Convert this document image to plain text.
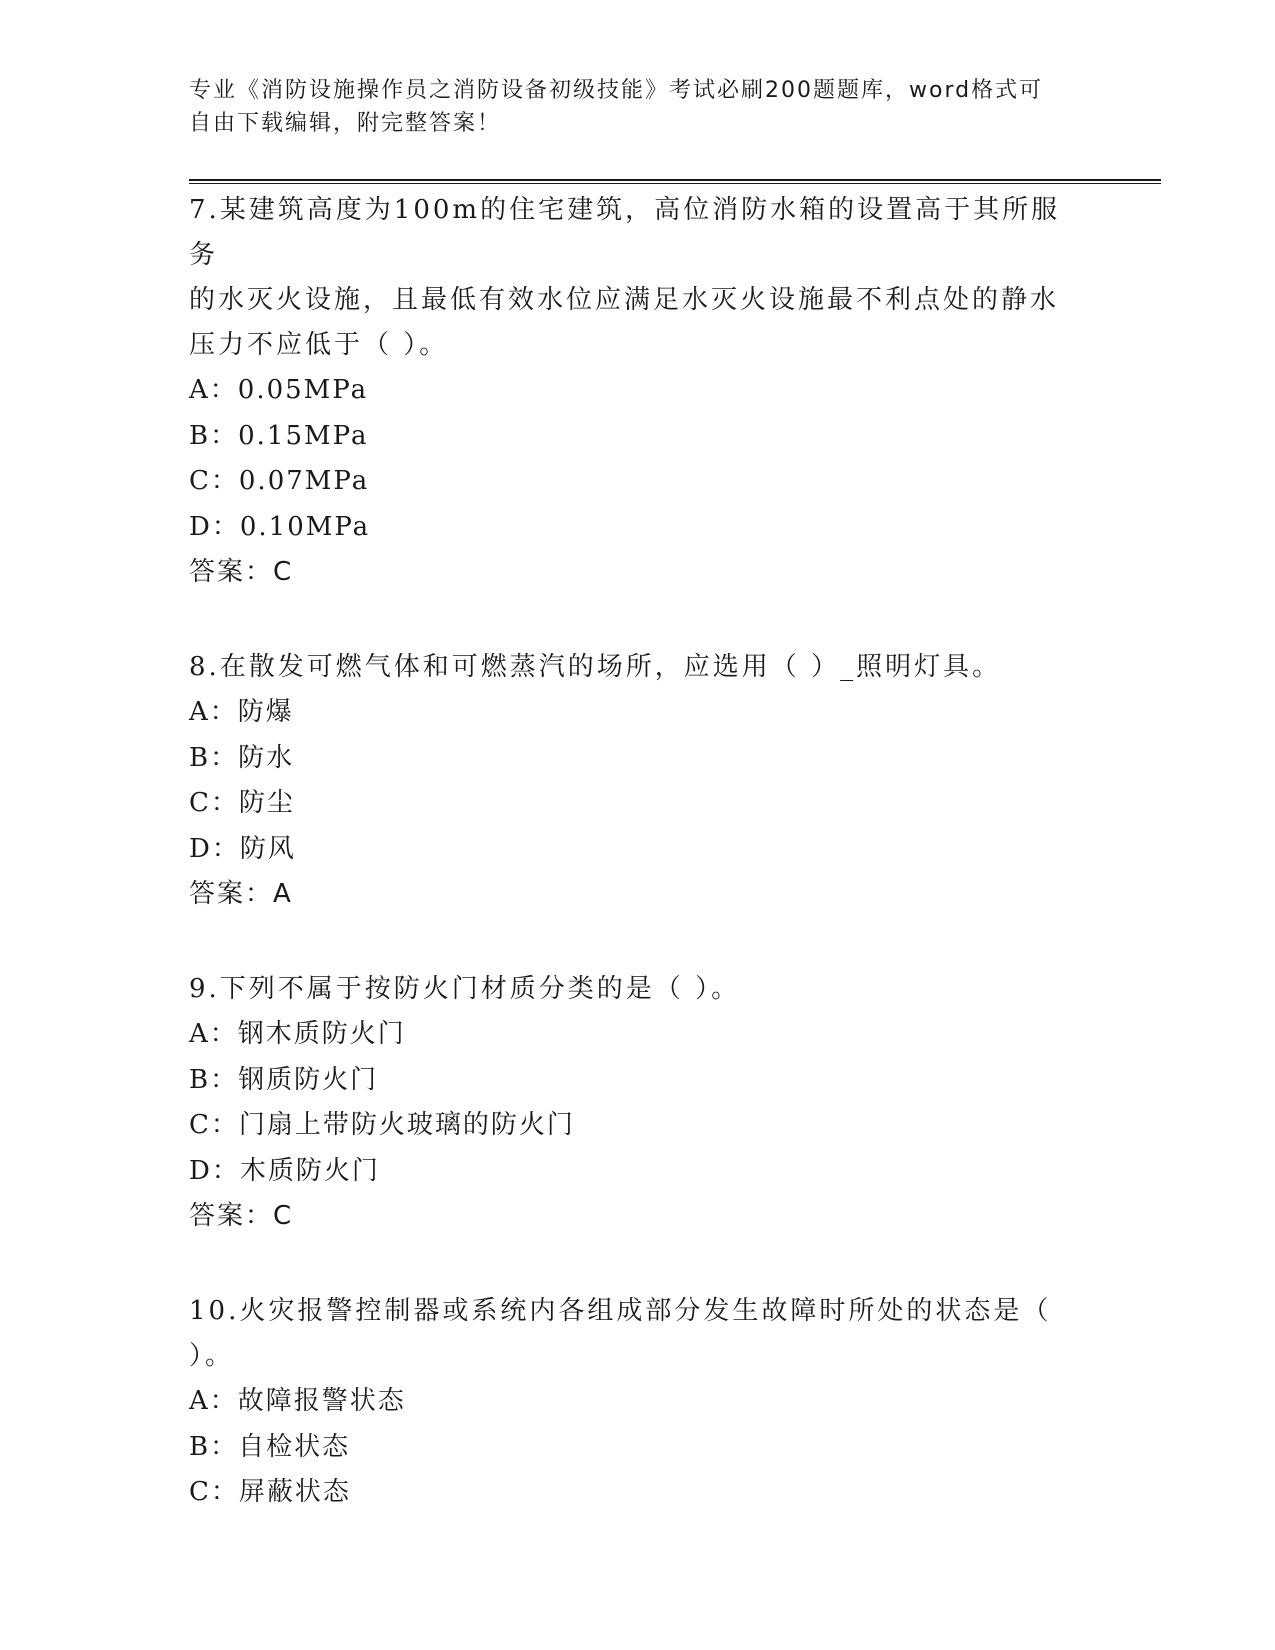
专业《消防设施操作员之消防设备初级技能》考试必刷200题题库，word格式可
自由下载编辑，附完整答案！
7.某建筑高度为100m的住宅建筑，高位消防水箱的设置高于其所服务
的水灭火设施，且最低有效水位应满足水灭火设施最不利点处的静水
压力不应低于（ ）。
A：0.05MPa
B：0.15MPa
C：0.07MPa
D：0.10MPa
答案：C
8.在散发可燃气体和可燃蒸汽的场所，应选用（ ）_照明灯具。
A：防爆
B：防水
C：防尘
D：防风
答案：A
9.下列不属于按防火门材质分类的是（ ）。
A：钢木质防火门
B：钢质防火门
C：门扇上带防火玻璃的防火门
D：木质防火门
答案：C
10.火灾报警控制器或系统内各组成部分发生故障时所处的状态是（
）。
A：故障报警状态
B：自检状态
C：屏蔽状态
